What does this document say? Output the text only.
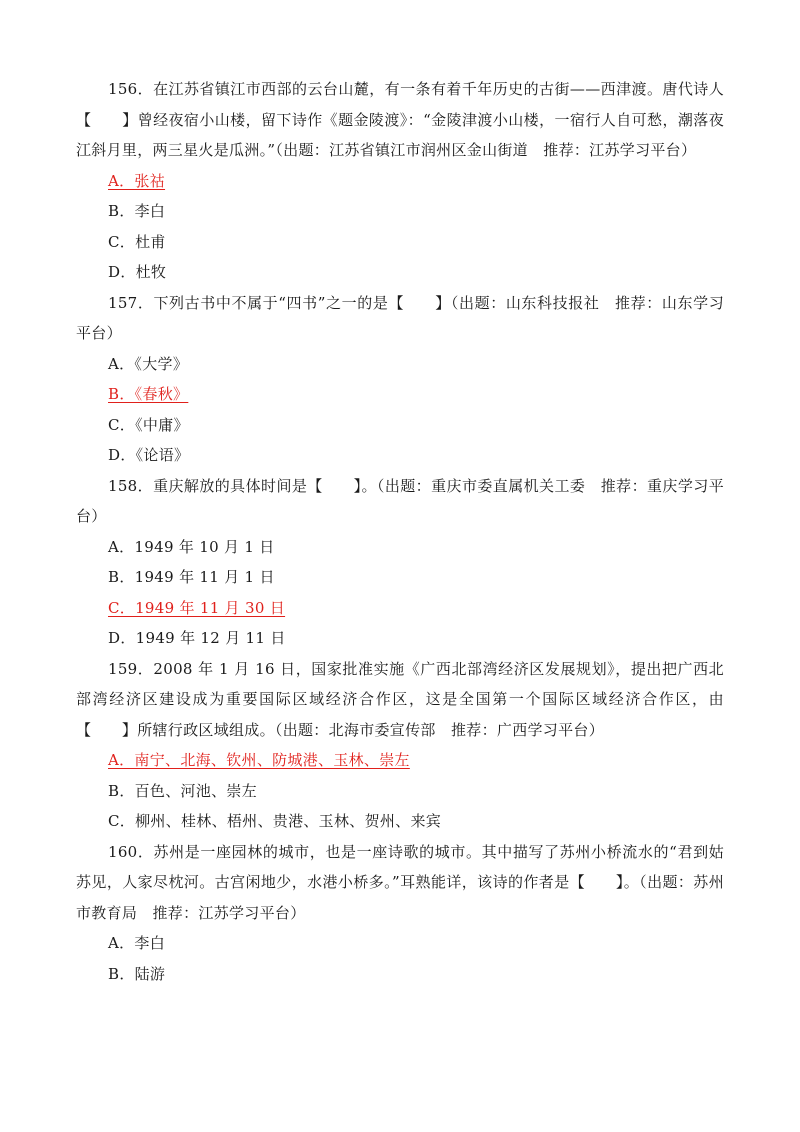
156．在江苏省镇江市西部的云台山麓，有一条有着千年历史的古街——西津渡。唐代诗人【　　】曾经夜宿小山楼，留下诗作《题金陵渡》：“金陵津渡小山楼，一宿行人自可愁，潮落夜江斜月里，两三星火是瓜洲。”（出题：江苏省镇江市润州区金山街道　推荐：江苏学习平台）

A．张祜

B．李白

C．杜甫

D．杜牧

157．下列古书中不属于“四书”之一的是【　　】（出题：山东科技报社　推荐：山东学习平台）

A．《大学》

B．《春秋》

C．《中庸》

D．《论语》

158．重庆解放的具体时间是【　　】。（出题：重庆市委直属机关工委　推荐：重庆学习平台）

A．1949 年 10 月 1 日

B．1949 年 11 月 1 日

C．1949 年 11 月 30 日

D．1949 年 12 月 11 日

159．2008 年 1 月 16 日，国家批准实施《广西北部湾经济区发展规划》，提出把广西北部湾经济区建设成为重要国际区域经济合作区，这是全国第一个国际区域经济合作区，由【　　】所辖行政区域组成。（出题：北海市委宣传部　推荐：广西学习平台）

A．南宁、北海、钦州、防城港、玉林、崇左

B．百色、河池、崇左

C．柳州、桂林、梧州、贵港、玉林、贺州、来宾

160．苏州是一座园林的城市，也是一座诗歌的城市。其中描写了苏州小桥流水的“君到姑苏见，人家尽枕河。古宫闲地少，水港小桥多。”耳熟能详，该诗的作者是【　　】。（出题：苏州市教育局　推荐：江苏学习平台）

A．李白

B．陆游
